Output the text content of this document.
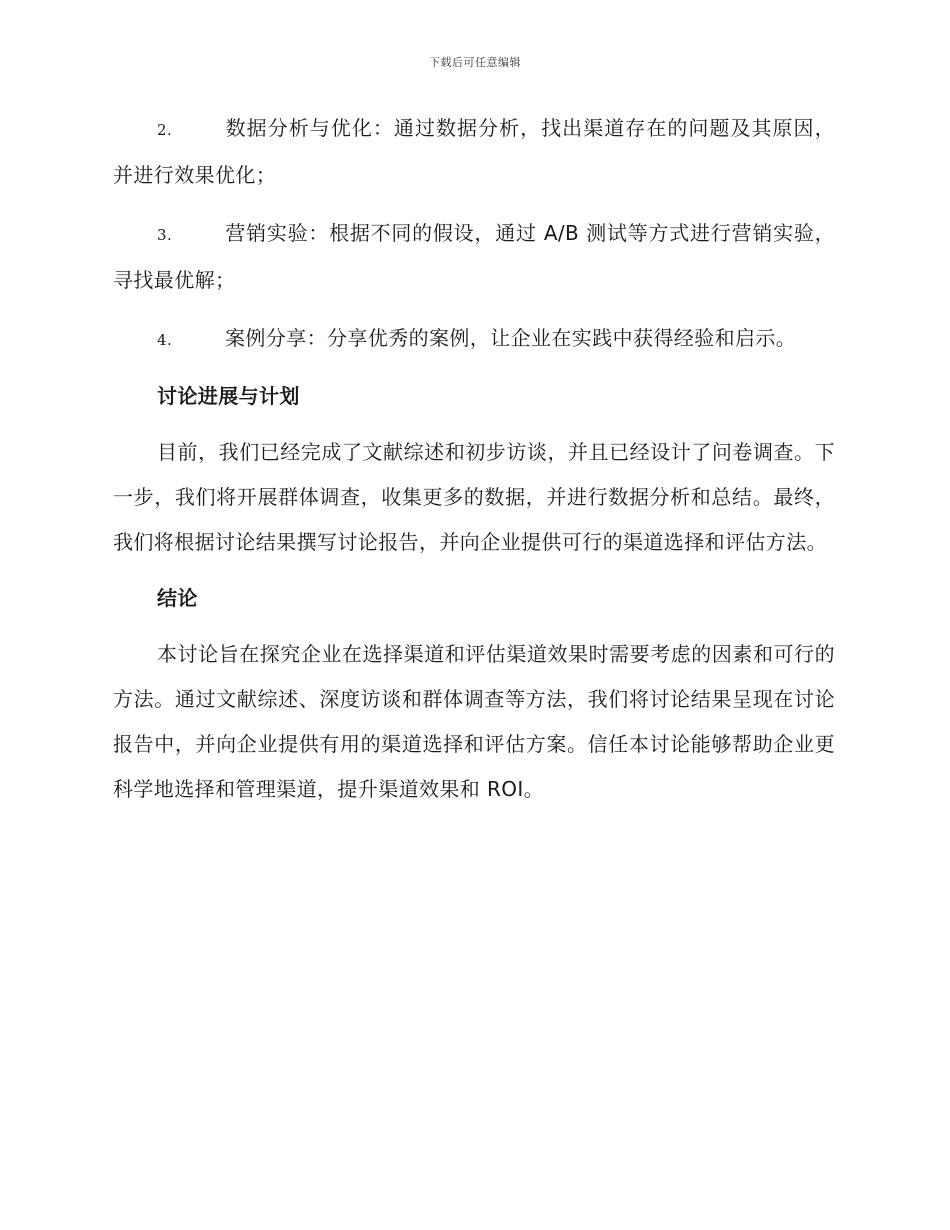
下载后可任意编辑

2.	数据分析与优化：通过数据分析，找出渠道存在的问题及其原因，并进行效果优化；

3.	营销实验：根据不同的假设，通过 A/B 测试等方式进行营销实验，寻找最优解；

4.	案例分享：分享优秀的案例，让企业在实践中获得经验和启示。

讨论进展与计划

目前，我们已经完成了文献综述和初步访谈，并且已经设计了问卷调查。下一步，我们将开展群体调查，收集更多的数据，并进行数据分析和总结。最终，我们将根据讨论结果撰写讨论报告，并向企业提供可行的渠道选择和评估方法。

结论

本讨论旨在探究企业在选择渠道和评估渠道效果时需要考虑的因素和可行的方法。通过文献综述、深度访谈和群体调查等方法，我们将讨论结果呈现在讨论报告中，并向企业提供有用的渠道选择和评估方案。信任本讨论能够帮助企业更科学地选择和管理渠道，提升渠道效果和 ROI。
